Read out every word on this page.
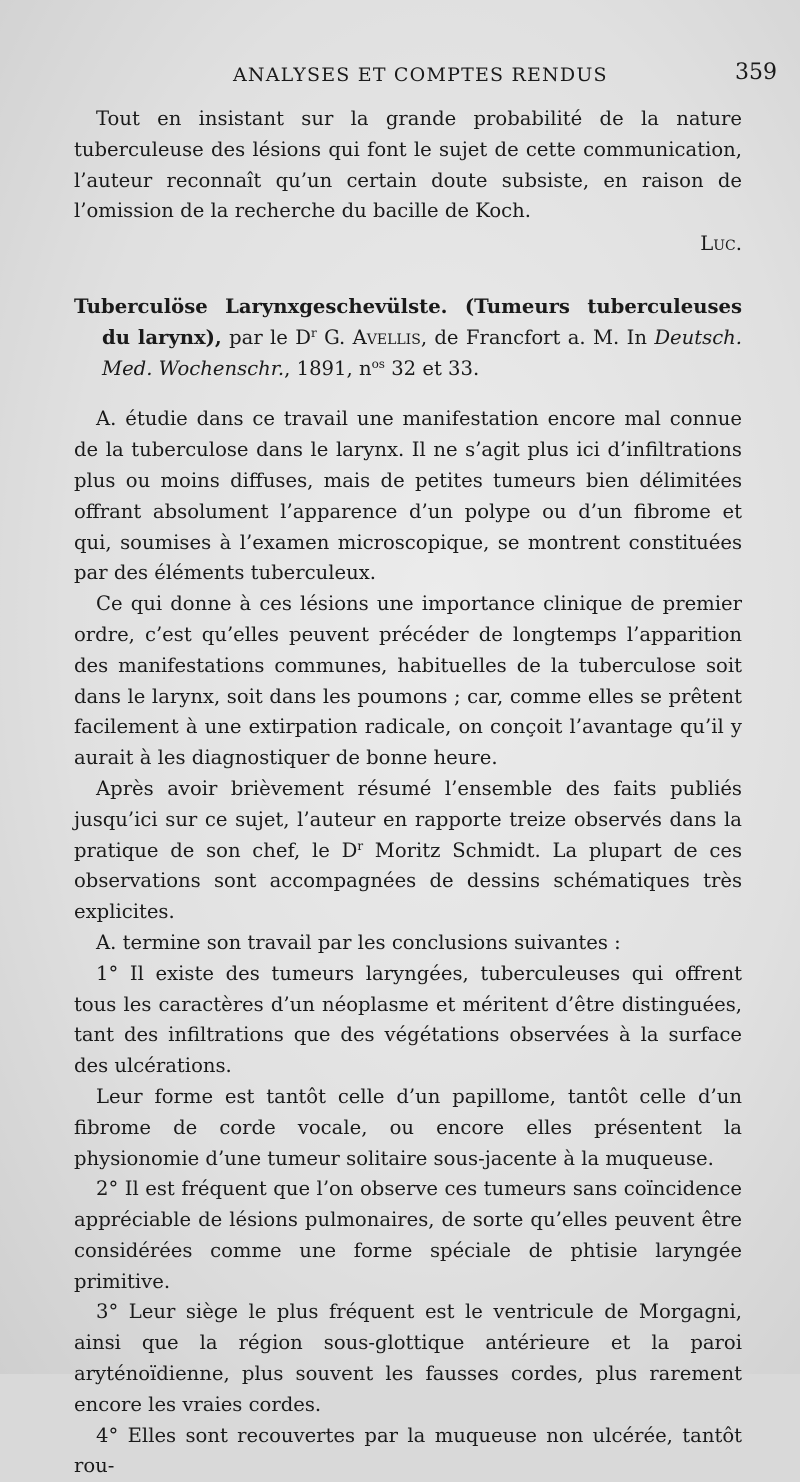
ANALYSES ET COMPTES RENDUS	359

Tout en insistant sur la grande probabilité de la nature tuberculeuse des lésions qui font le sujet de cette communication, l’auteur reconnaît qu’un certain doute subsiste, en raison de l’omission de la recherche du bacille de Koch.

Luc.

Tuberculöse Larynxgeschevülste. (Tumeurs tuberculeuses du larynx), par le $D^r$ G. Avellis, de Francfort a. M. In Deutsch. Med. Wochenschr., 1891, $n^{os}$ 32 et 33.

A. étudie dans ce travail une manifestation encore mal connue de la tuberculose dans le larynx. Il ne s’agit plus ici d’infiltrations plus ou moins diffuses, mais de petites tumeurs bien délimitées offrant absolument l’apparence d’un polype ou d’un fibrome et qui, soumises à l’examen microscopique, se montrent constituées par des éléments tuberculeux.

Ce qui donne à ces lésions une importance clinique de premier ordre, c’est qu’elles peuvent précéder de longtemps l’apparition des manifestations communes, habituelles de la tuberculose soit dans le larynx, soit dans les poumons ; car, comme elles se prêtent facilement à une extirpation radicale, on conçoit l’avantage qu’il y aurait à les diagnostiquer de bonne heure.

Après avoir brièvement résumé l’ensemble des faits publiés jusqu’ici sur ce sujet, l’auteur en rapporte treize observés dans la pratique de son chef, le $D^r$ Moritz Schmidt. La plupart de ces observations sont accompagnées de dessins schématiques très explicites.

A. termine son travail par les conclusions suivantes :

1° Il existe des tumeurs laryngées, tuberculeuses qui offrent tous les caractères d’un néoplasme et méritent d’être distinguées, tant des infiltrations que des végétations observées à la surface des ulcérations.

Leur forme est tantôt celle d’un papillome, tantôt celle d’un fibrome de corde vocale, ou encore elles présentent la physionomie d’une tumeur solitaire sous-jacente à la muqueuse.

2° Il est fréquent que l’on observe ces tumeurs sans coïncidence appréciable de lésions pulmonaires, de sorte qu’elles peuvent être considérées comme une forme spéciale de phtisie laryngée primitive.

3° Leur siège le plus fréquent est le ventricule de Morgagni, ainsi que la région sous-glottique antérieure et la paroi aryténoïdienne, plus souvent les fausses cordes, plus rarement encore les vraies cordes.

4° Elles sont recouvertes par la muqueuse non ulcérée, tantôt rou-
